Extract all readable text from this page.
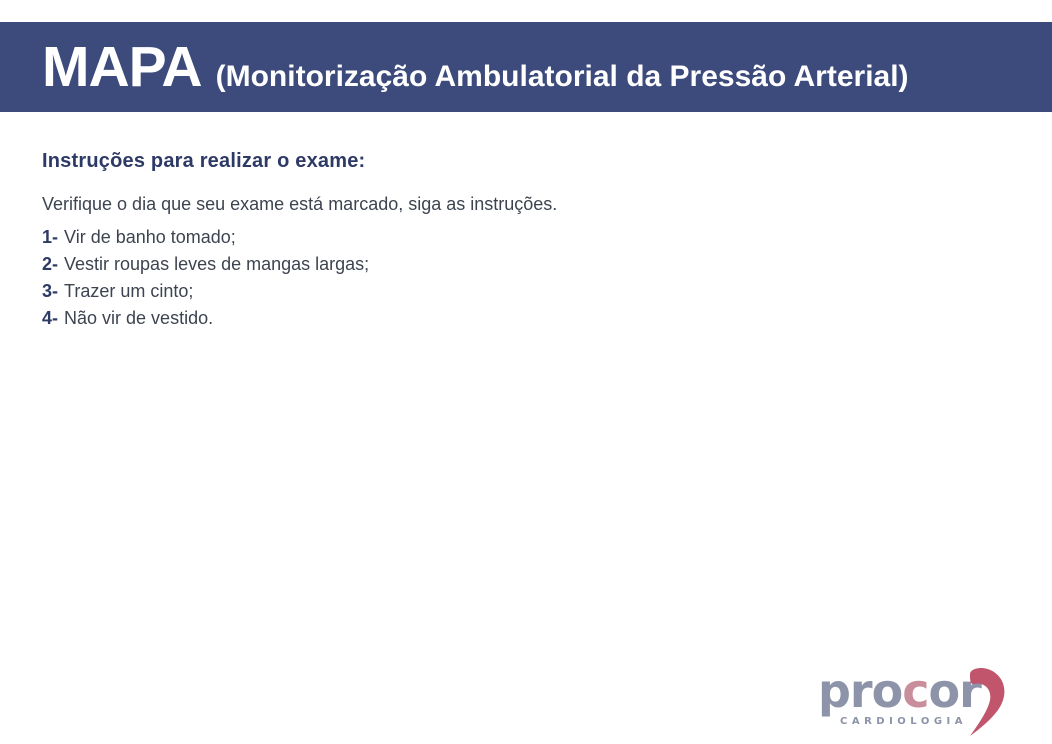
MAPA (Monitorização Ambulatorial da Pressão Arterial)
Instruções para realizar o exame:

Verifique o dia que seu exame está marcado, siga as instruções.

1- Vir de banho tomado;
2- Vestir roupas leves de mangas largas;
3- Trazer um cinto;
4- Não vir de vestido.
procor
CARDIOLOGIA
